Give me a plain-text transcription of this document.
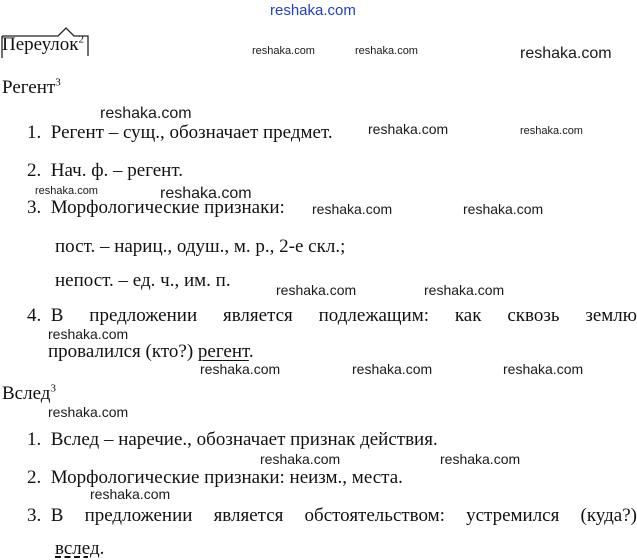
reshaka.com
Переулок$^2$
reshaka.com	reshaka.com	reshaka.com
Регент$^3$
reshaka.com
1. Регент – сущ., обозначает предмет.	reshaka.com	reshaka.com
2. Нач. ф. – регент.
reshaka.com	reshaka.com
3. Морфологические признаки: reshaka.com	reshaka.com
пост. – нариц., одуш., м. р., 2-е скл.;
непост. – ед. ч., им. п.	reshaka.com	reshaka.com
4. В предложении является подлежащим: как сквозь землю
reshaka.com
провалился (кто?) регент.
reshaka.com	reshaka.com	reshaka.com
Вслед$^3$
reshaka.com
1. Вслед – наречие., обозначает признак действия.
reshaka.com	reshaka.com
2. Морфологические признаки: неизм., места.
reshaka.com
3. В предложении является обстоятельством: устремился (куда?)
вслед.
